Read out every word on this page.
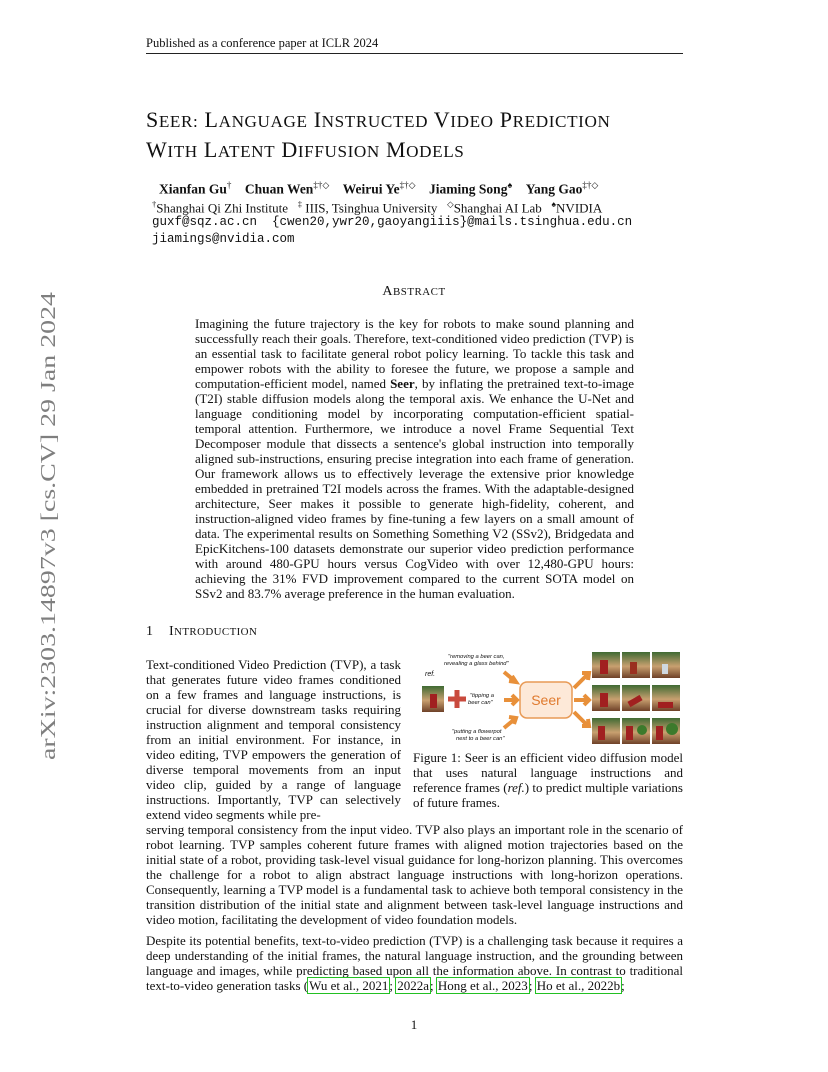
Published as a conference paper at ICLR 2024
SEER: LANGUAGE INSTRUCTED VIDEO PREDICTION
WITH LATENT DIFFUSION MODELS
Xianfan Gu† Chuan Wen‡†◇ Weirui Ye‡†◇ Jiaming Song♠ Yang Gao‡†◇
†Shanghai Qi Zhi Institute ‡ IIIS, Tsinghua University ◇Shanghai AI Lab ♠NVIDIA
guxf@sqz.ac.cn {cwen20,ywr20,gaoyangiiis}@mails.tsinghua.edu.cn
jiamings@nvidia.com
arXiv:2303.14897v3 [cs.CV] 29 Jan 2024
ABSTRACT
Imagining the future trajectory is the key for robots to make sound planning and successfully reach their goals. Therefore, text-conditioned video prediction (TVP) is an essential task to facilitate general robot policy learning. To tackle this task and empower robots with the ability to foresee the future, we propose a sample and computation-efficient model, named Seer, by inflating the pretrained text-to-image (T2I) stable diffusion models along the temporal axis. We enhance the U-Net and language conditioning model by incorporating computation-efficient spatial-temporal attention. Furthermore, we introduce a novel Frame Sequential Text Decomposer module that dissects a sentence's global instruction into temporally aligned sub-instructions, ensuring precise integration into each frame of generation. Our framework allows us to effectively leverage the extensive prior knowledge embedded in pretrained T2I models across the frames. With the adaptable-designed architecture, Seer makes it possible to generate high-fidelity, coherent, and instruction-aligned video frames by fine-tuning a few layers on a small amount of data. The experimental results on Something Something V2 (SSv2), Bridgedata and EpicKitchens-100 datasets demonstrate our superior video prediction performance with around 480-GPU hours versus CogVideo with over 12,480-GPU hours: achieving the 31% FVD improvement compared to the current SOTA model on SSv2 and 83.7% average preference in the human evaluation.
1 INTRODUCTION
Text-conditioned Video Prediction (TVP), a task that generates future video frames conditioned on a few frames and language instructions, is crucial for diverse downstream tasks requiring instruction alignment and temporal consistency from an initial environment. For instance, in video editing, TVP empowers the generation of diverse temporal movements from an input video clip, guided by a range of language instructions. Importantly, TVP can selectively extend video segments while pre-
"removing a beer can,
revealing a glass behind"
ref.
"tipping a
beer can"
"putting a flowerpot
next to a beer can"
Seer
Figure 1: Seer is an efficient video diffusion model that uses natural language instructions and reference frames (ref.) to predict multiple variations of future frames.
serving temporal consistency from the input video. TVP also plays an important role in the scenario of robot learning. TVP samples coherent future frames with aligned motion trajectories based on the initial state of a robot, providing task-level visual guidance for long-horizon planning. This overcomes the challenge for a robot to align abstract language instructions with long-horizon operations. Consequently, learning a TVP model is a fundamental task to achieve both temporal consistency in the transition distribution of the initial state and alignment between task-level language instructions and video motion, facilitating the development of video foundation models.
Despite its potential benefits, text-to-video prediction (TVP) is a challenging task because it requires a deep understanding of the initial frames, the natural language instruction, and the grounding between language and images, while predicting based upon all the information above. In contrast to traditional text-to-video generation tasks (Wu et al., 2021; 2022a; Hong et al., 2023; Ho et al., 2022b;
1
